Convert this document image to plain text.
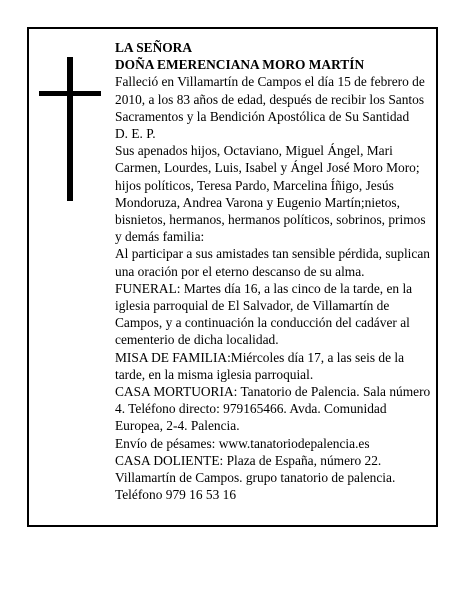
LA SEÑORA

DOÑA EMERENCIANA MORO MARTÍN

Falleció en Villamartín de Campos el día 15 de febrero de 2010, a los 83 años de edad, después de recibir los Santos Sacramentos y la Bendición Apostólica de Su Santidad

D. E. P.

Sus apenados hijos, Octaviano, Miguel Ángel, Mari Carmen, Lourdes, Luis, Isabel y Ángel José Moro Moro; hijos políticos, Teresa Pardo, Marcelina Íñigo, Jesús Mondoruza, Andrea Varona y Eugenio Martín;nietos, bisnietos, hermanos, hermanos políticos, sobrinos, primos y demás familia:

Al participar a sus amistades tan sensible pérdida, suplican una oración por el eterno descanso de su alma.

FUNERAL: Martes día 16, a las cinco de la tarde, en la iglesia parroquial de El Salvador, de Villamartín de Campos, y a continuación la conducción del cadáver al cementerio de dicha localidad.

MISA DE FAMILIA:Miércoles día 17, a las seis de la tarde, en la misma iglesia parroquial.

CASA MORTUORIA: Tanatorio de Palencia. Sala número 4. Teléfono directo: 979165466. Avda. Comunidad Europea, 2-4. Palencia.

Envío de pésames: www.tanatoriodepalencia.es

CASA DOLIENTE: Plaza de España, número 22. Villamartín de Campos. grupo tanatorio de palencia. Teléfono 979 16 53 16
